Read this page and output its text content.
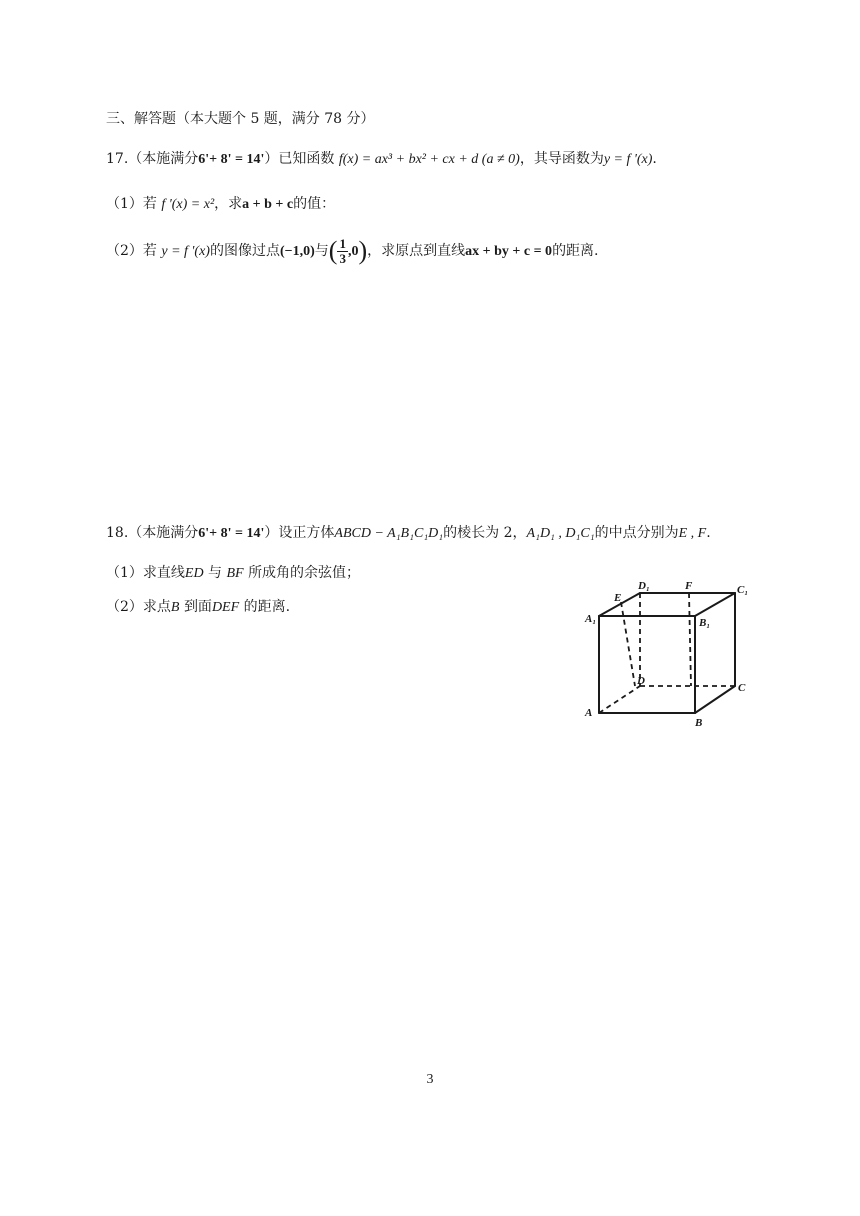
三、解答题（本大题个 5 题，满分 78 分）
17.（本施满分6'+ 8' = 14'）已知函数 f(x) = ax³ + bx² + cx + d (a ≠ 0)，其导函数为y = f '(x).
（1）若 f '(x) = x²，求a + b + c的值：
（2）若 y = f '(x)的图像过点(−1,0)与( $\frac{1}{3} ,0$)，求原点到直线ax + by + c = 0的距离.
18.（本施满分6'+ 8' = 14'）设正方体ABCD − A₁B₁C₁D₁的棱长为 2，A₁D₁ , D₁C₁的中点分别为E , F.
（1）求直线ED 与 BF 所成角的余弦值；
（2）求点B 到面DEF 的距离.
A₁
D₁
E
F	C₁
B₁
D
C
A
B
3
